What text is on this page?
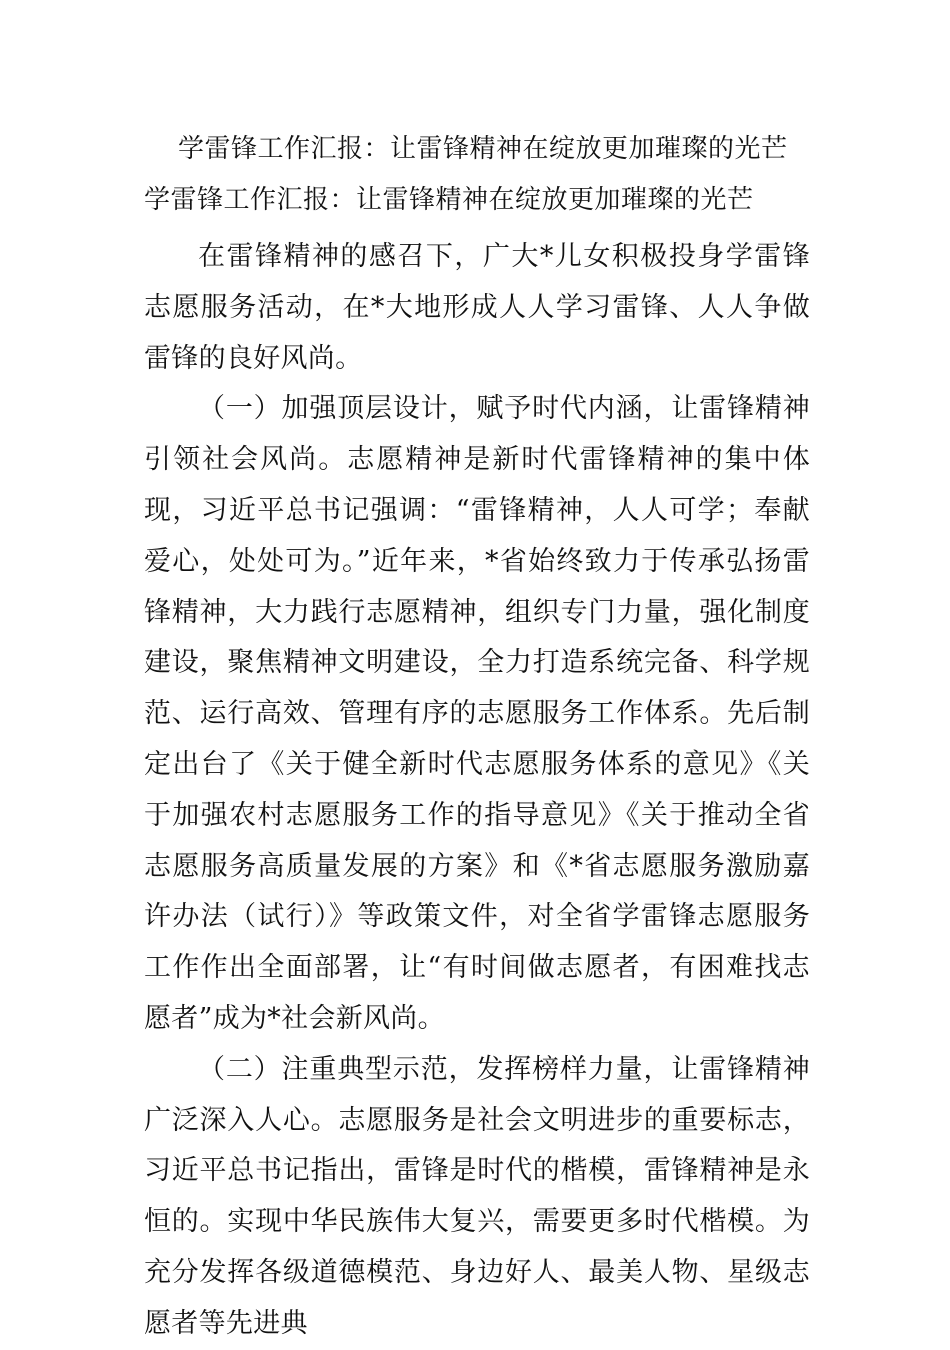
学雷锋工作汇报：让雷锋精神在绽放更加璀璨的光芒
学雷锋工作汇报：让雷锋精神在绽放更加璀璨的光芒

在雷锋精神的感召下，广大*儿女积极投身学雷锋志愿服务活动，在*大地形成人人学习雷锋、人人争做雷锋的良好风尚。

（一）加强顶层设计，赋予时代内涵，让雷锋精神引领社会风尚。志愿精神是新时代雷锋精神的集中体现，习近平总书记强调：“雷锋精神，人人可学；奉献爱心，处处可为。”近年来，*省始终致力于传承弘扬雷锋精神，大力践行志愿精神，组织专门力量，强化制度建设，聚焦精神文明建设，全力打造系统完备、科学规范、运行高效、管理有序的志愿服务工作体系。先后制定出台了《关于健全新时代志愿服务体系的意见》《关于加强农村志愿服务工作的指导意见》《关于推动全省志愿服务高质量发展的方案》和《*省志愿服务激励嘉许办法（试行）》等政策文件，对全省学雷锋志愿服务工作作出全面部署，让“有时间做志愿者，有困难找志愿者”成为*社会新风尚。

（二）注重典型示范，发挥榜样力量，让雷锋精神广泛深入人心。志愿服务是社会文明进步的重要标志，习近平总书记指出，雷锋是时代的楷模，雷锋精神是永恒的。实现中华民族伟大复兴，需要更多时代楷模。为充分发挥各级道德模范、身边好人、最美人物、星级志愿者等先进典
